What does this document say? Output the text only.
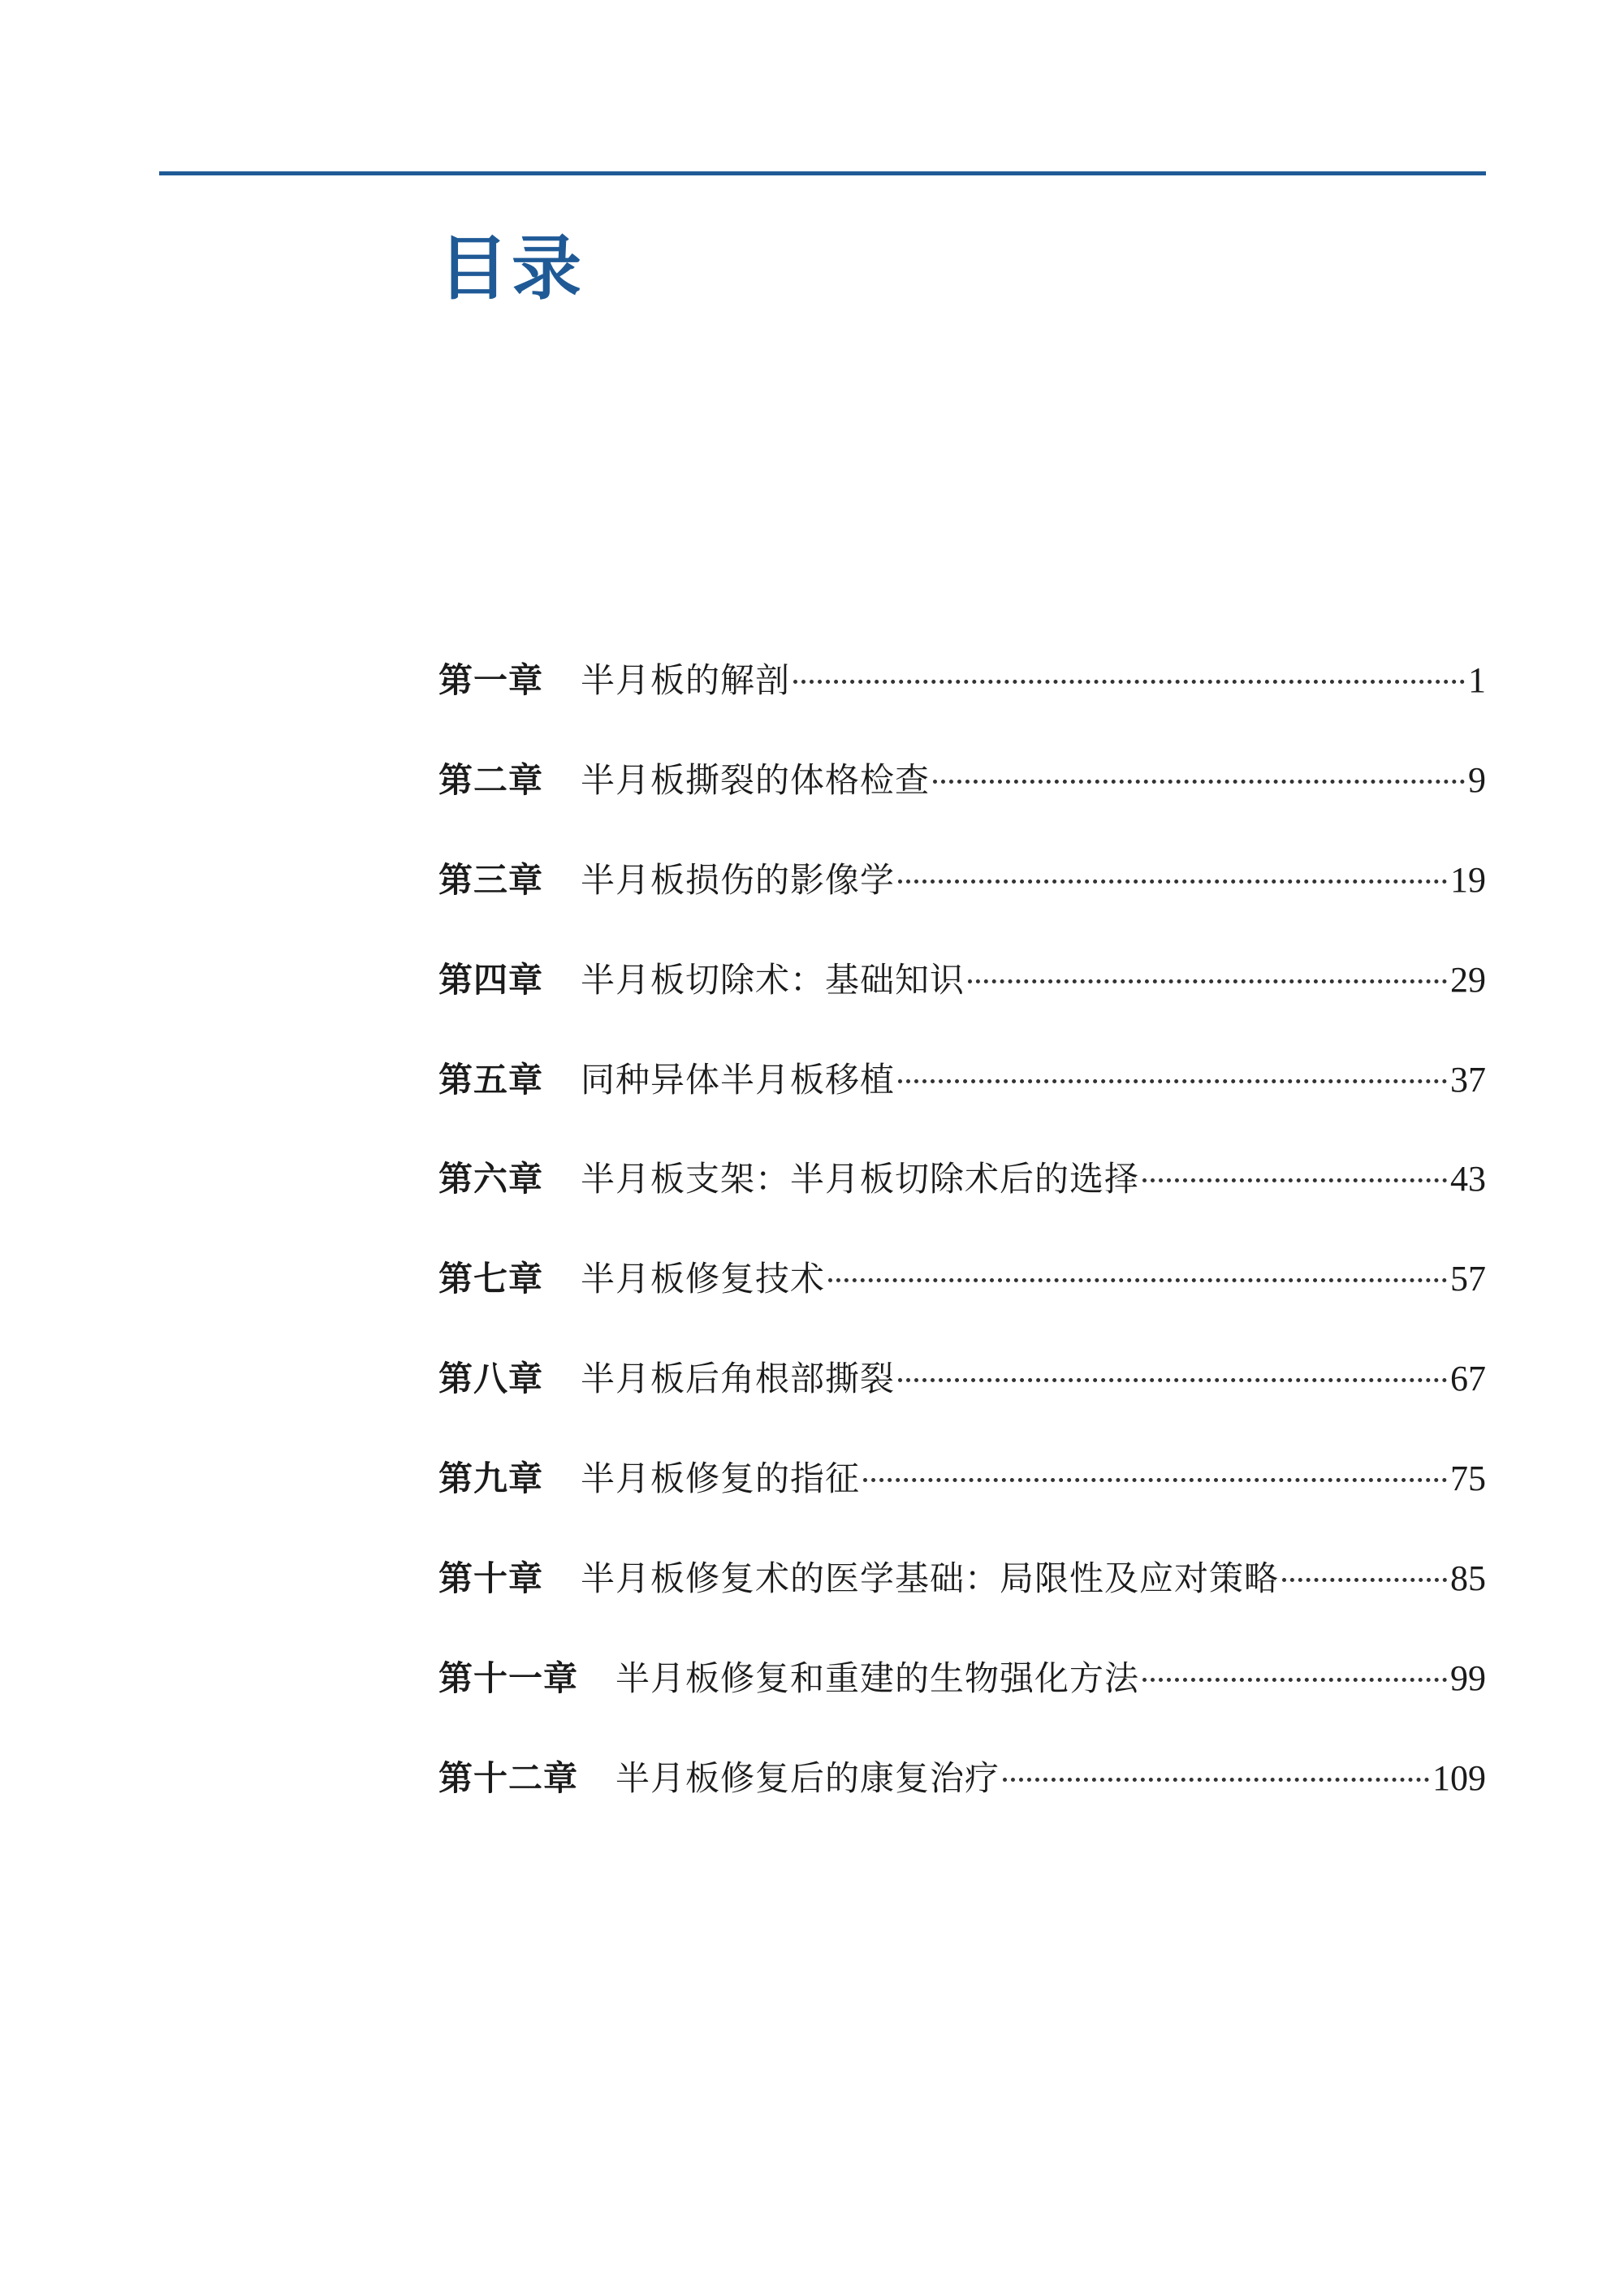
目录
第一章 半月板的解剖	1
第二章 半月板撕裂的体格检查	9
第三章 半月板损伤的影像学	19
第四章 半月板切除术：基础知识	29
第五章 同种异体半月板移植	37
第六章 半月板支架：半月板切除术后的选择	43
第七章 半月板修复技术	57
第八章 半月板后角根部撕裂	67
第九章 半月板修复的指征	75
第十章 半月板修复术的医学基础：局限性及应对策略	85
第十一章 半月板修复和重建的生物强化方法	99
第十二章 半月板修复后的康复治疗	109
